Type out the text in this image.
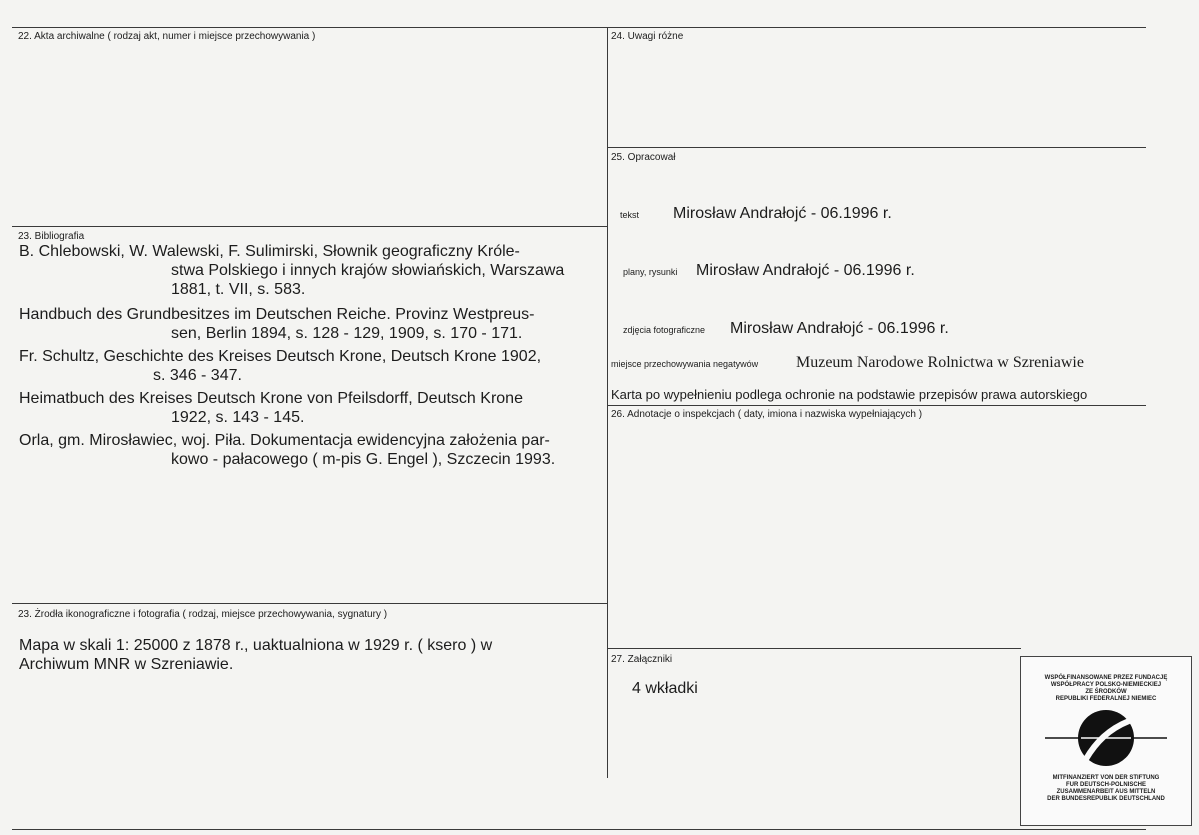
22. Akta archiwalne ( rodzaj akt, numer i miejsce przechowywania )
23. Bibliografia
B. Chlebowski, W. Walewski, F. Sulimirski, Słownik geograficzny Króle-
stwa Polskiego i innych krajów słowiańskich, Warszawa
1881, t. VII, s. 583.
Handbuch des Grundbesitzes im Deutschen Reiche. Provinz Westpreus-
sen, Berlin 1894, s. 128 - 129, 1909, s. 170 - 171.
Fr. Schultz, Geschichte des Kreises Deutsch Krone, Deutsch Krone 1902,
s. 346 - 347.
Heimatbuch des Kreises Deutsch Krone von Pfeilsdorff, Deutsch Krone
1922, s. 143 - 145.
Orla, gm. Mirosławiec, woj. Piła. Dokumentacja ewidencyjna założenia par-
kowo - pałacowego ( m-pis G. Engel ), Szczecin 1993.
23. Żrodła ikonograficzne i fotografia ( rodzaj, miejsce przechowywania, sygnatury )
Mapa w skali 1: 25000 z 1878 r., uaktualniona w 1929 r. ( ksero ) w
Archiwum MNR w Szreniawie.
24. Uwagi różne
25. Opracował
tekst Mirosław Andrałojć - 06.1996 r.
plany, rysunki Mirosław Andrałojć - 06.1996 r.
zdjęcia fotograficzne Mirosław Andrałojć - 06.1996 r.
miejsce przechowywania negatywów Muzeum Narodowe Rolnictwa w Szreniawie
Karta po wypełnieniu podlega ochronie na podstawie przepisów prawa autorskiego
26. Adnotacje o inspekcjach ( daty, imiona i nazwiska wypełniających )
27. Załączniki
4 wkładki
WSPÓŁFINANSOWANE PRZEZ FUNDACJĘ
WSPÓŁPRACY POLSKO-NIEMIECKIEJ
ZE ŚRODKÓW
REPUBLIKI FEDERALNEJ NIEMIEC
MITFINANZIERT VON DER STIFTUNG
FUR DEUTSCH-POLNISCHE
ZUSAMMENARBEIT AUS MITTELN
DER BUNDESREPUBLIK DEUTSCHLAND
